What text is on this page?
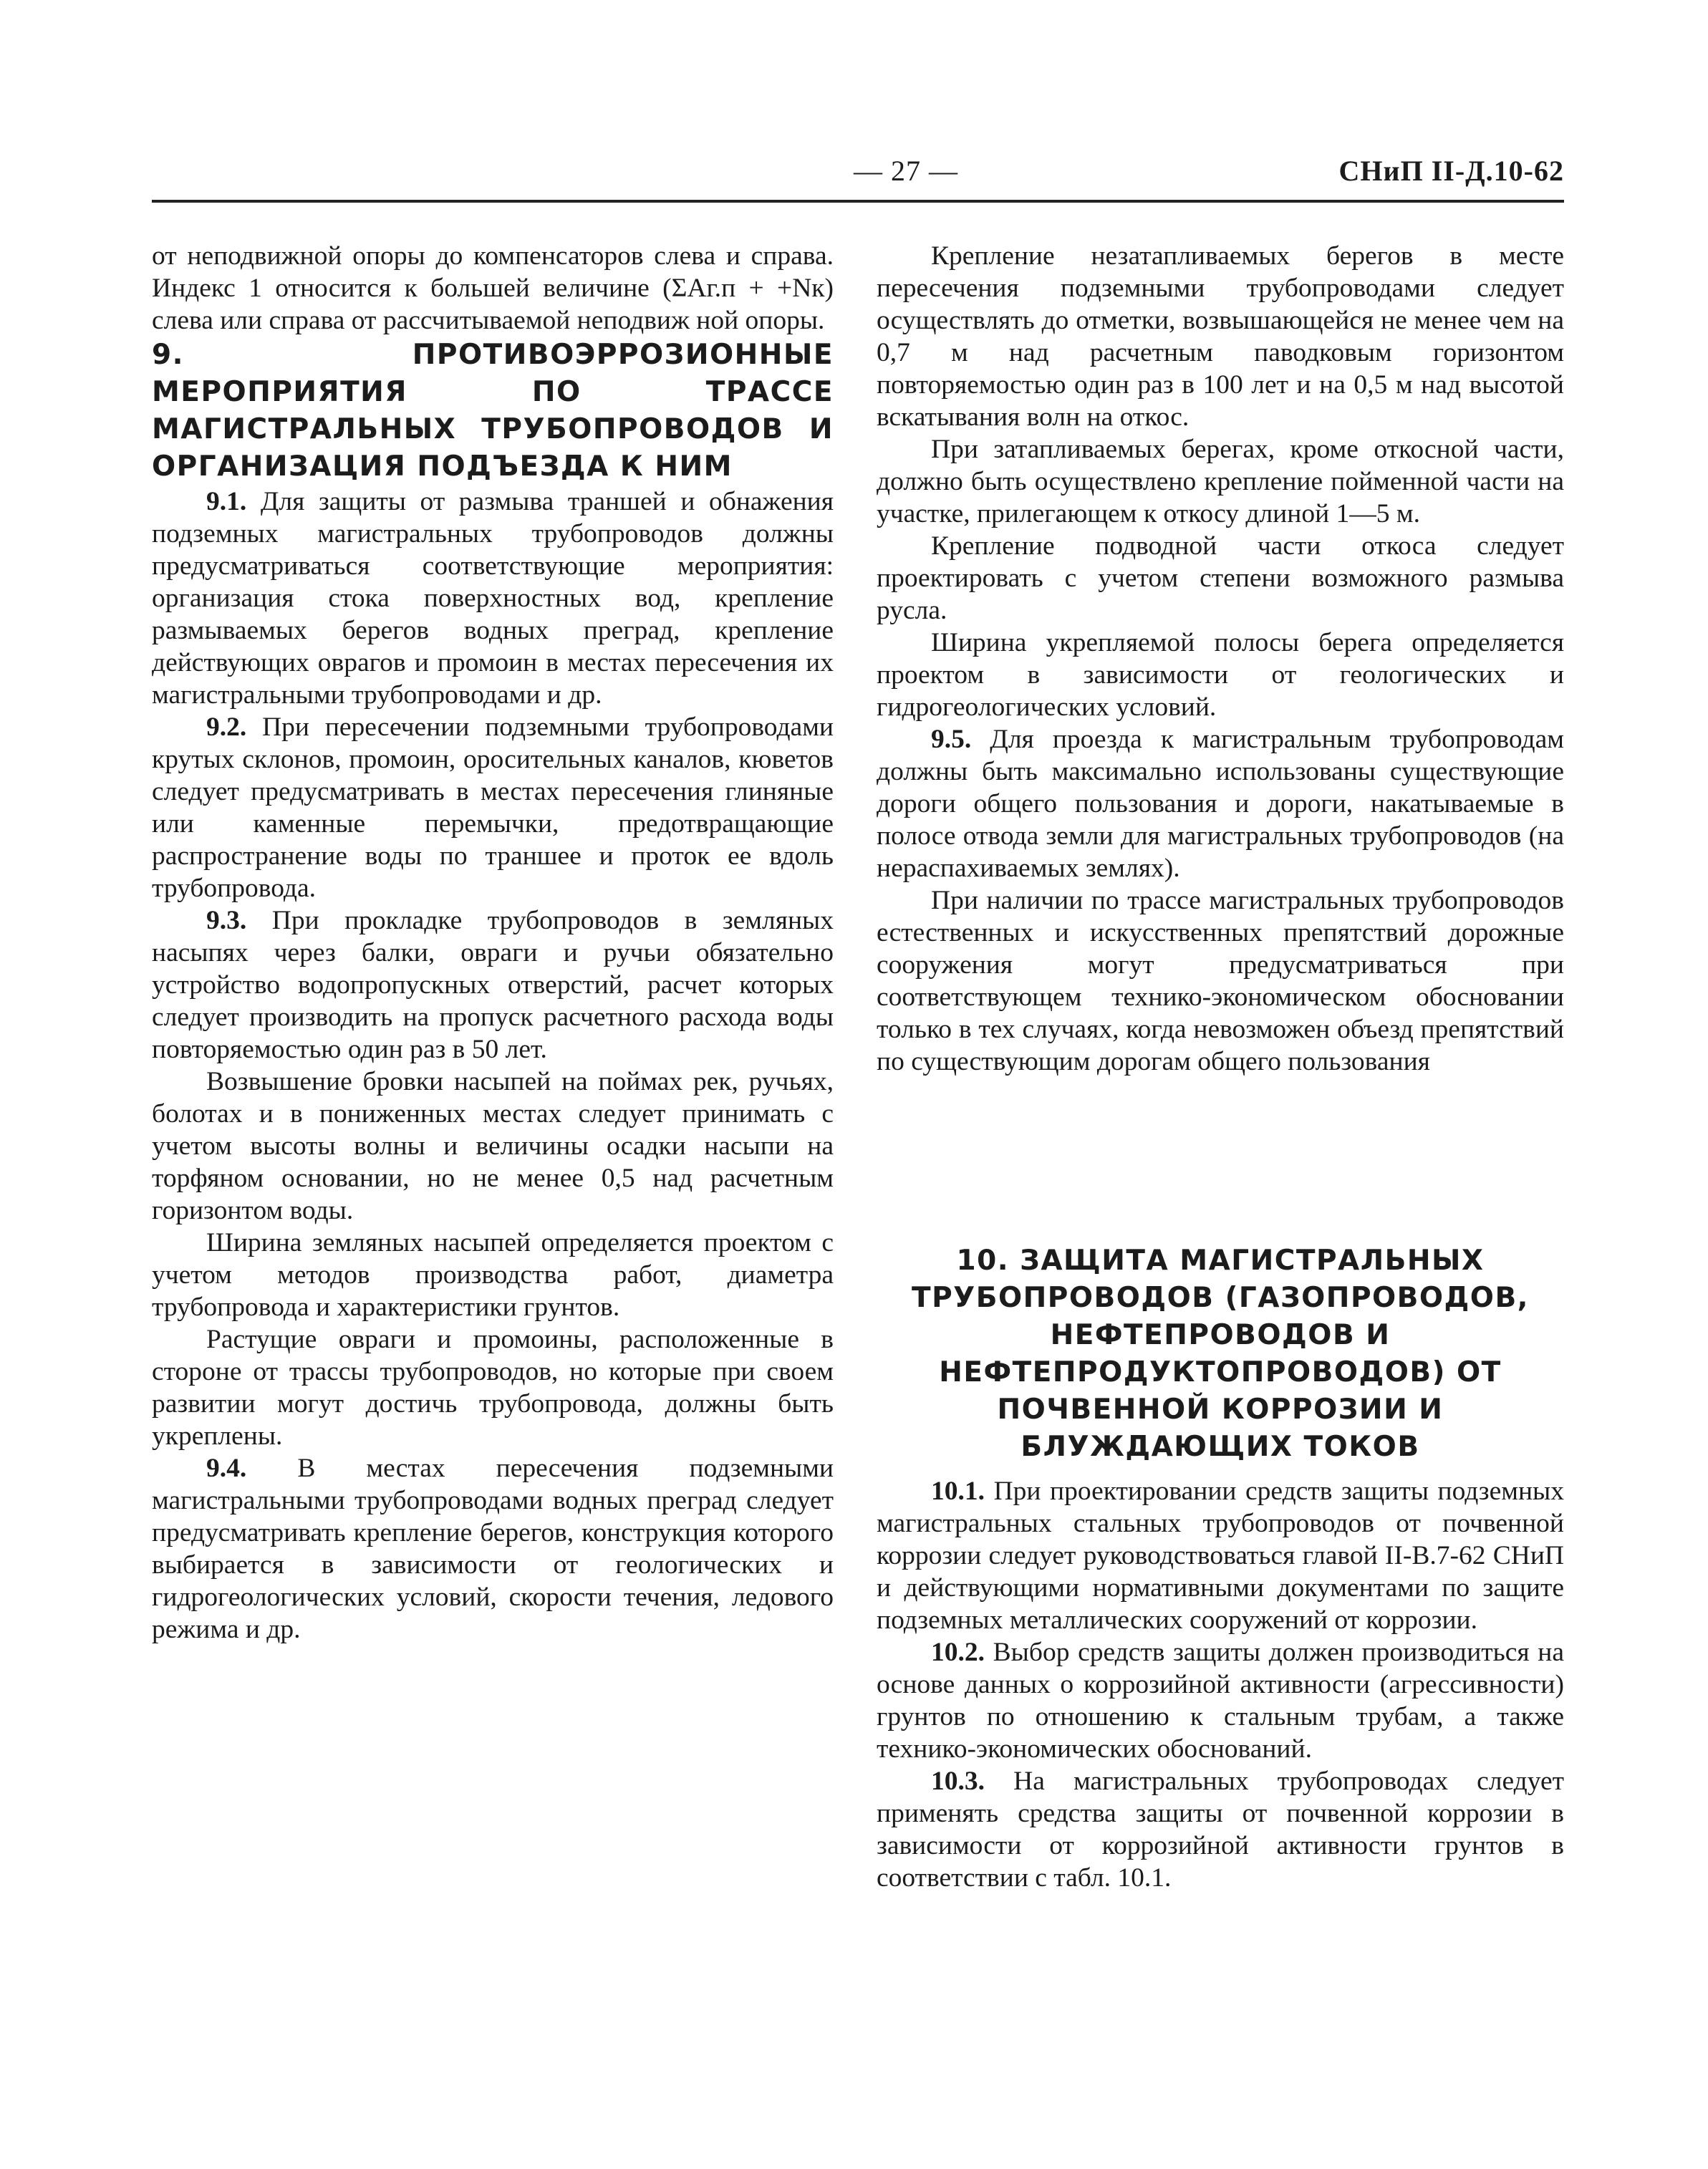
— 27 —	СНиП II-Д.10-62

от неподвижной опоры до компенсаторов слева и справа. Индекс 1 относится к большей величине (ΣAг.п + +Nк) слева или справа от рассчитываемой неподвиж ной опоры.

9. ПРОТИВОЭРРОЗИОННЫЕ МЕРОПРИЯТИЯ ПО ТРАССЕ МАГИСТРАЛЬНЫХ ТРУБОПРОВОДОВ И ОРГАНИЗАЦИЯ ПОДЪЕЗДА К НИМ

9.1. Для защиты от размыва траншей и обнажения подземных магистральных трубопроводов должны предусматриваться соответствующие мероприятия: организация стока поверхностных вод, крепление размываемых берегов водных преград, крепление действующих оврагов и промоин в местах пересечения их магистральными трубопроводами и др.

9.2. При пересечении подземными трубопроводами крутых склонов, промоин, оросительных каналов, кюветов следует предусматривать в местах пересечения глиняные или каменные перемычки, предотвращающие распространение воды по траншее и проток ее вдоль трубопровода.

9.3. При прокладке трубопроводов в земляных насыпях через балки, овраги и ручьи обязательно устройство водопропускных отверстий, расчет которых следует производить на пропуск расчетного расхода воды повторяемостью один раз в 50 лет.

Возвышение бровки насыпей на поймах рек, ручьях, болотах и в пониженных местах следует принимать с учетом высоты волны и величины осадки насыпи на торфяном основании, но не менее 0,5 над расчетным горизонтом воды.

Ширина земляных насыпей определяется проектом с учетом методов производства работ, диаметра трубопровода и характеристики грунтов.

Растущие овраги и промоины, расположенные в стороне от трассы трубопроводов, но которые при своем развитии могут достичь трубопровода, должны быть укреплены.

9.4. В местах пересечения подземными магистральными трубопроводами водных преград следует предусматривать крепление берегов, конструкция которого выбирается в зависимости от геологических и гидрогеологических условий, скорости течения, ледового режима и др.

Крепление незатапливаемых берегов в месте пересечения подземными трубопроводами следует осуществлять до отметки, возвышающейся не менее чем на 0,7 м над расчетным паводковым горизонтом повторяемостью один раз в 100 лет и на 0,5 м над высотой вскатывания волн на откос.

При затапливаемых берегах, кроме откосной части, должно быть осуществлено крепление пойменной части на участке, прилегающем к откосу длиной 1—5 м.

Крепление подводной части откоса следует проектировать с учетом степени возможного размыва русла.

Ширина укрепляемой полосы берега определяется проектом в зависимости от геологических и гидрогеологических условий.

9.5. Для проезда к магистральным трубопроводам должны быть максимально использованы существующие дороги общего пользования и дороги, накатываемые в полосе отвода земли для магистральных трубопроводов (на нераспахиваемых землях).

При наличии по трассе магистральных трубопроводов естественных и искусственных препятствий дорожные сооружения могут предусматриваться при соответствующем технико-экономическом обосновании только в тех случаях, когда невозможен объезд препятствий по существующим дорогам общего пользования

10. ЗАЩИТА МАГИСТРАЛЬНЫХ ТРУБОПРОВОДОВ (ГАЗОПРОВОДОВ, НЕФТЕПРОВОДОВ И НЕФТЕПРОДУКТОПРОВОДОВ) ОТ ПОЧВЕННОЙ КОРРОЗИИ И БЛУЖДАЮЩИХ ТОКОВ

10.1. При проектировании средств защиты подземных магистральных стальных трубопроводов от почвенной коррозии следует руководствоваться главой II-В.7-62 СНиП и действующими нормативными документами по защите подземных металлических сооружений от коррозии.

10.2. Выбор средств защиты должен производиться на основе данных о коррозийной активности (агрессивности) грунтов по отношению к стальным трубам, а также технико-экономических обоснований.

10.3. На магистральных трубопроводах следует применять средства защиты от почвенной коррозии в зависимости от коррозийной активности грунтов в соответствии с табл. 10.1.
